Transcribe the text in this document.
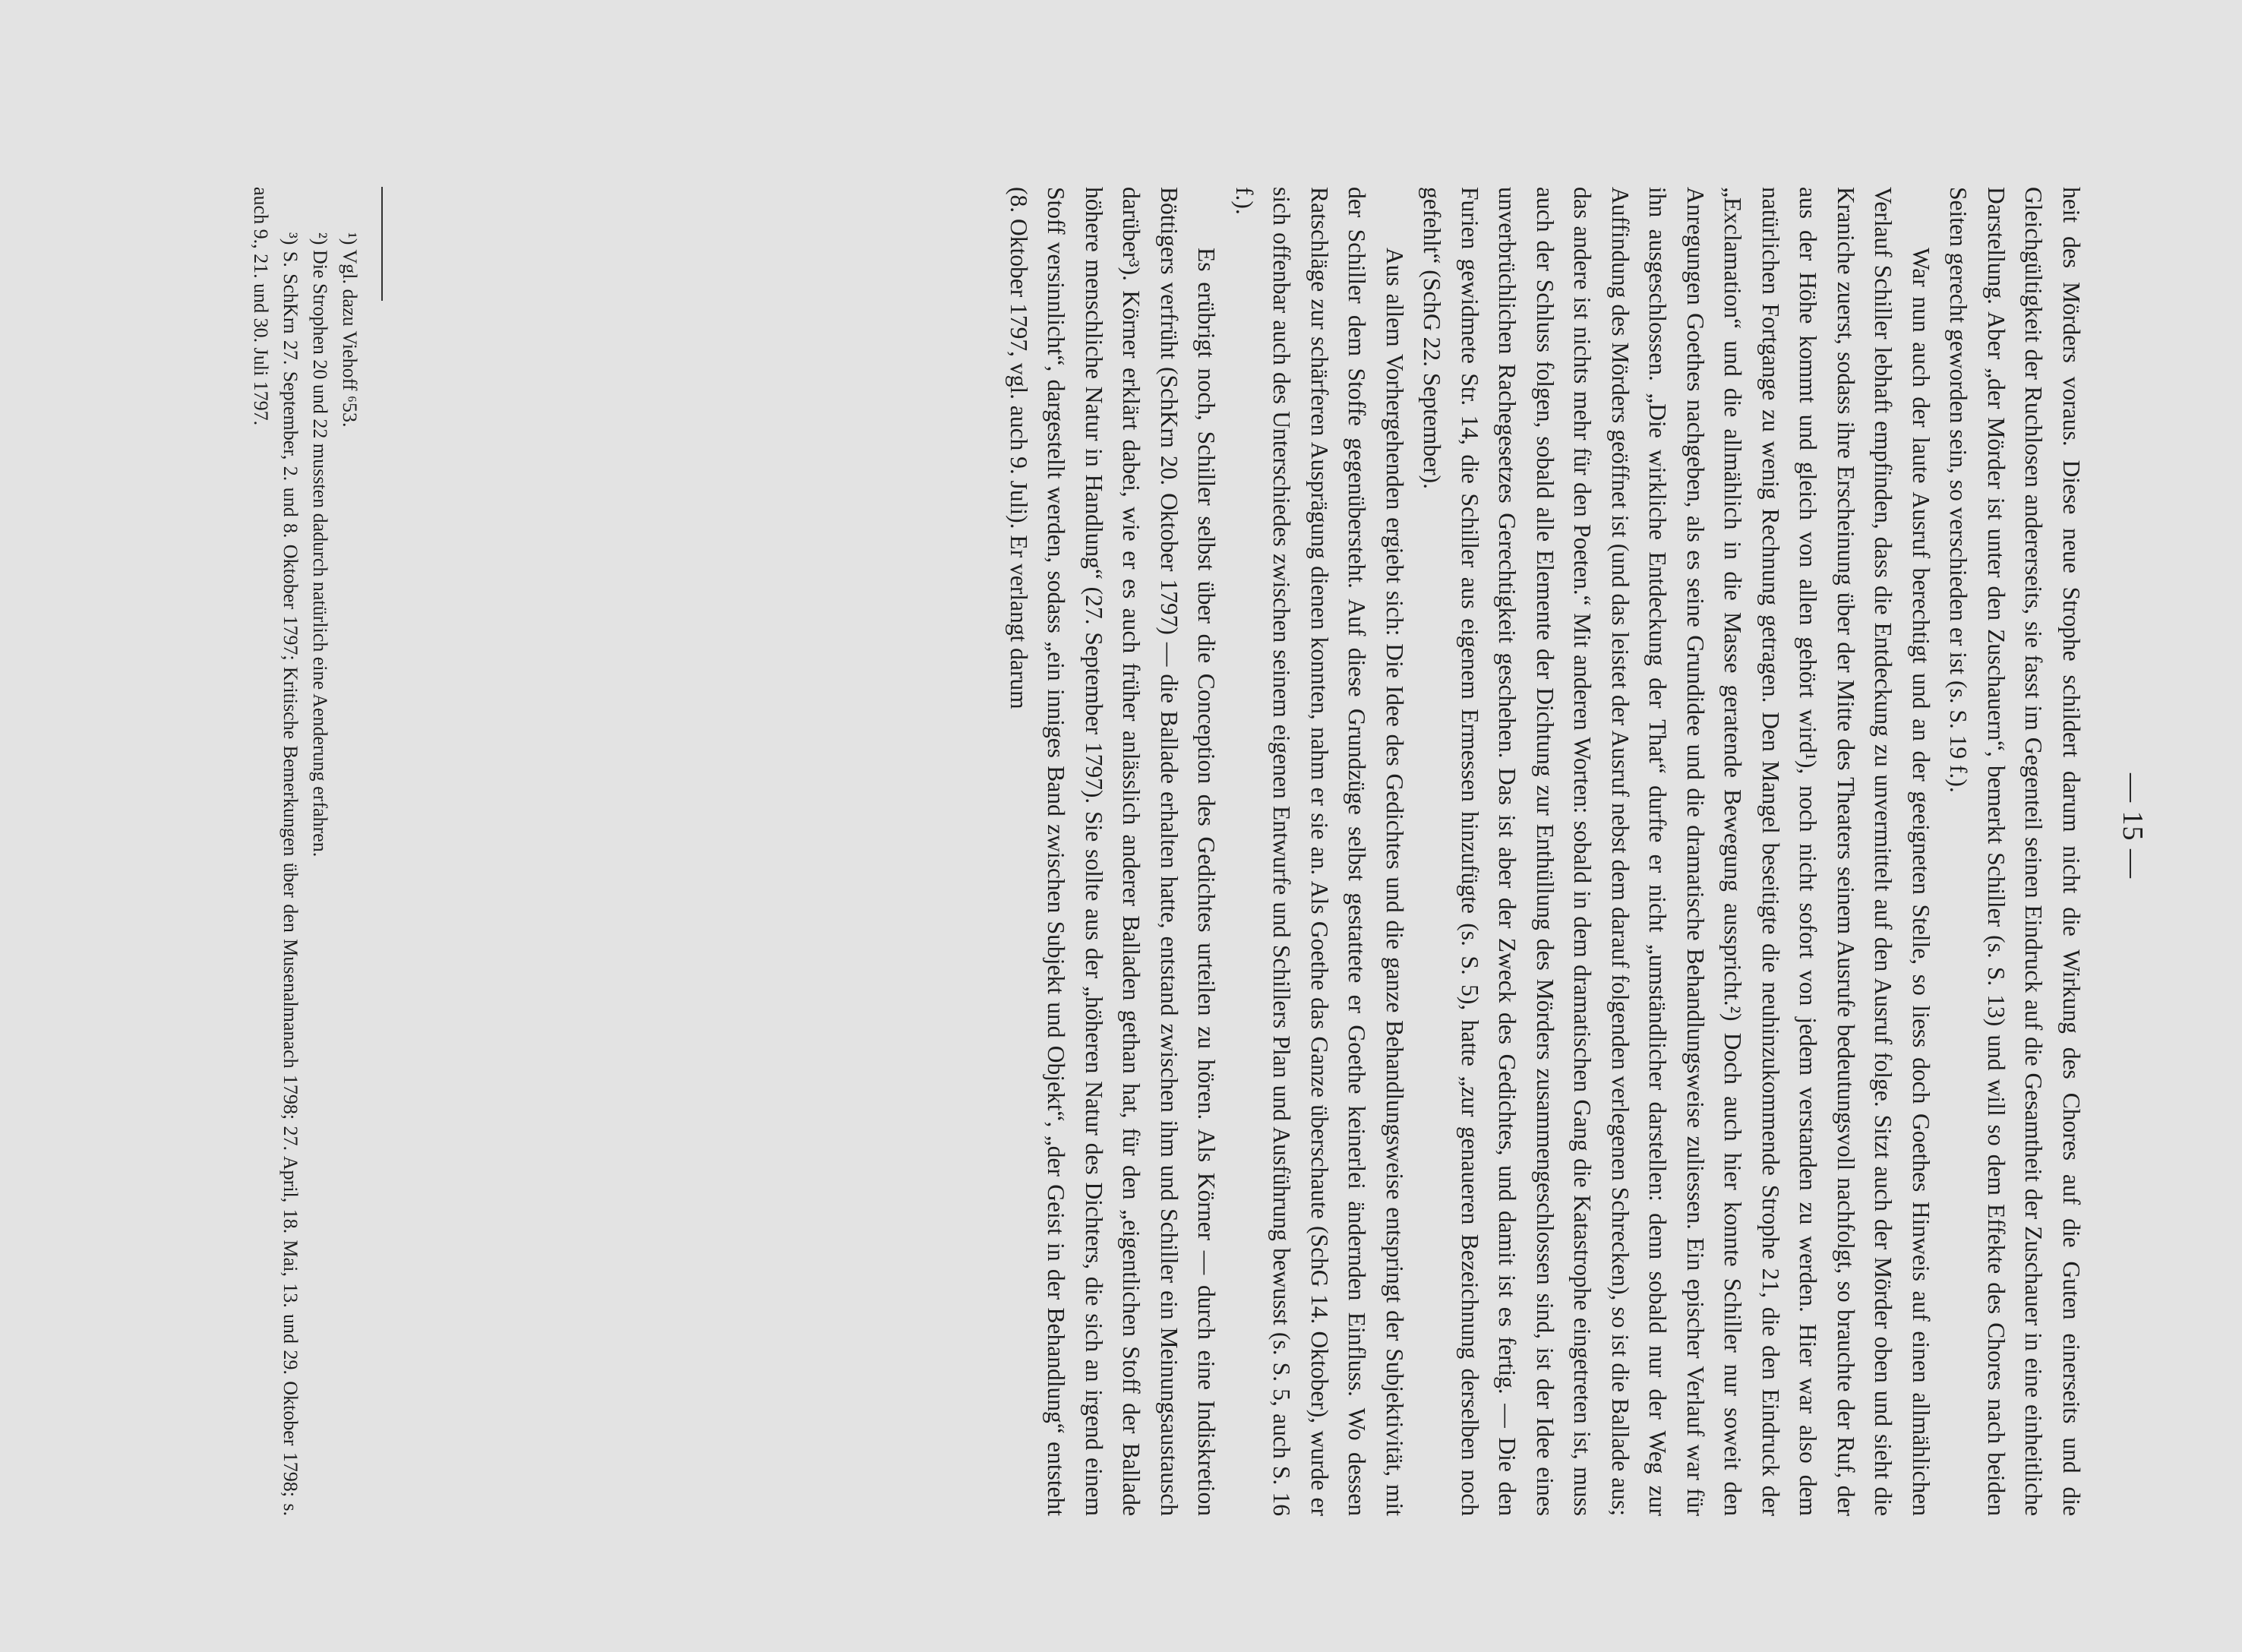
— 15 —

heit des Mörders voraus. Diese neue Strophe schildert darum nicht die Wirkung des Chores auf die Guten einerseits und die Gleichgültigkeit der Ruchlosen andererseits, sie fasst im Gegenteil seinen Eindruck auf die Gesamtheit der Zuschauer in eine einheitliche Darstellung. Aber „der Mörder ist unter den Zuschauern“, bemerkt Schiller (s. S. 13) und will so dem Effekte des Chores nach beiden Seiten gerecht geworden sein, so verschieden er ist (s. S. 19 f.).

War nun auch der laute Ausruf berechtigt und an der geeigneten Stelle, so liess doch Goethes Hinweis auf einen allmählichen Verlauf Schiller lebhaft empfinden, dass die Entdeckung zu unvermittelt auf den Ausruf folge. Sitzt auch der Mörder oben und sieht die Kraniche zuerst, sodass ihre Erscheinung über der Mitte des Theaters seinem Ausrufe bedeutungsvoll nachfolgt, so brauchte der Ruf, der aus der Höhe kommt und gleich von allen gehört wird¹), noch nicht sofort von jedem verstanden zu werden. Hier war also dem natürlichen Fortgange zu wenig Rechnung getragen. Den Mangel beseitigte die neuhinzukommende Strophe 21, die den Eindruck der „Exclamation“ und die allmählich in die Masse geratende Bewegung ausspricht.²) Doch auch hier konnte Schiller nur soweit den Anregungen Goethes nachgeben, als es seine Grundidee und die dramatische Behandlungsweise zuliessen. Ein epischer Verlauf war für ihn ausgeschlossen. „Die wirkliche Entdeckung der That“ durfte er nicht „umständlicher darstellen: denn sobald nur der Weg zur Auffindung des Mörders geöffnet ist (und das leistet der Ausruf nebst dem darauf folgenden verlegenen Schrecken), so ist die Ballade aus; das andere ist nichts mehr für den Poeten.“ Mit anderen Worten: sobald in dem dramatischen Gang die Katastrophe eingetreten ist, muss auch der Schluss folgen, sobald alle Elemente der Dichtung zur Enthüllung des Mörders zusammengeschlossen sind, ist der Idee eines unverbrüchlichen Rachegesetzes Gerechtigkeit geschehen. Das ist aber der Zweck des Gedichtes, und damit ist es fertig. — Die den Furien gewidmete Str. 14, die Schiller aus eigenem Ermessen hinzufügte (s. S. 5), hatte „zur genaueren Bezeichnung derselben noch gefehlt“ (SchG 22. September).

Aus allem Vorhergehenden ergiebt sich: Die Idee des Gedichtes und die ganze Behandlungsweise entspringt der Subjektivität, mit der Schiller dem Stoffe gegenübersteht. Auf diese Grundzüge selbst gestattete er Goethe keinerlei ändernden Einfluss. Wo dessen Ratschläge zur schärferen Ausprägung dienen konnten, nahm er sie an. Als Goethe das Ganze überschaute (SchG 14. Oktober), wurde er sich offenbar auch des Unterschiedes zwischen seinem eigenen Entwurfe und Schillers Plan und Ausführung bewusst (s. S. 5, auch S. 16 f.).

Es erübrigt noch, Schiller selbst über die Conception des Gedichtes urteilen zu hören. Als Körner — durch eine Indiskretion Böttigers verfrüht (SchKrn 20. Oktober 1797) — die Ballade erhalten hatte, entstand zwischen ihm und Schiller ein Meinungsaustausch darüber³). Körner erklärt dabei, wie er es auch früher anlässlich anderer Balladen gethan hat, für den „eigentlichen Stoff der Ballade höhere menschliche Natur in Handlung“ (27. September 1797). Sie sollte aus der „höheren Natur des Dichters, die sich an irgend einem Stoff versinnlicht“, dargestellt werden, sodass „ein inniges Band zwischen Subjekt und Objekt“, „der Geist in der Behandlung“ entsteht (8. Oktober 1797, vgl. auch 9. Juli). Er verlangt darum

¹) Vgl. dazu Viehoff ⁶53.

²) Die Strophen 20 und 22 mussten dadurch natürlich eine Aenderung erfahren.

³) S. SchKrn 27. September, 2. und 8. Oktober 1797; Kritische Bemerkungen über den Musenalmanach 1798; 27. April, 18. Mai, 13. und 29. Oktober 1798; s. auch 9., 21. und 30. Juli 1797.
